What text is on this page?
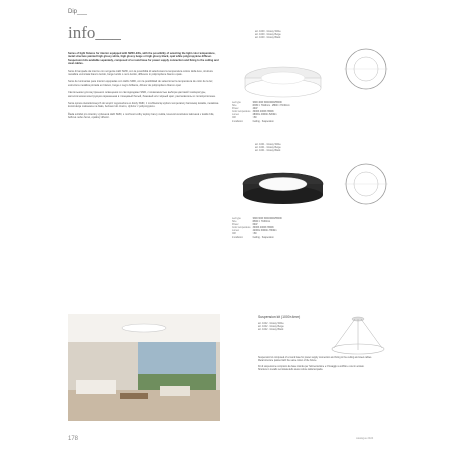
Dip___
info___
Series of light fixtures for interior equipped with SMD LEDs, with the possibility of selecting the light color temperature, metal structure painted high glossy white, high glossy beige or high glossy black, opal white polypropylene diffuser.
Suspension kits available separately, composed of a round base for power supply connection and fixing to the ceiling and steel cables.
Serie di lampade da interno con sorgente LED SMD, con la possibilità di selezionare la temperatura colore della luce, struttura metallica verniciata bianco lucido, beige lucido o nero lucido, diffusore in polipropilene bianco opale.
Serie de luminarias para interior equipadas con LEDs SMD, con la posibilidad de seleccionar la temperatura de color de la luz, estructura metálica pintada en blanco, beige o negro brillante, difusor de polipropileno blanco opal.
Светильники для внутреннего освещения со светодиодами SMD, с возможностью выбора цветовой температуры, металлическая конструкция окрашенная в глянцевый белый, бежевый или чёрный цвет, рассеиватель из полипропилена.
Seria opraw oświetleniowych do wnętrz wyposażona w diody SMD, z możliwością wyboru temperatury barwowej światła, metalowa konstrukcja malowana na biało, beżowo lub czarno, dyfuzor z polipropylenu.
Řada svítidel pro interiéry vybavená LED SMD, s možností volby teploty barvy světla, kovová konstrukce lakovaná v lesklé bílé, béžové nebo černé, opálový difuzor.
art. 1040 · Glossy White
art. 1040 · Glossy Beige
art. 1040 · Glossy Black
Led type	SMD 40W 3000/4000/6500K
Size	Ø450 × H110mm · Ø600 × H130mm
Power	40W
Color temperature 3000K 4000K 6500K
Lumen	2800lm 4000lm 5200lm
CRI	>80
Installation	Ceiling · Suspension
art. 1041 · Glossy White
art. 1041 · Glossy Beige
art. 1041 · Glossy Black
Led type	SMD 60W 3000/4000/6500K
Size	Ø600 × H130mm
Power	60W
Color temperature 3000K 4000K 6500K
Lumen	4200lm 6000lm 7800lm
CRI	>80
Installation	Ceiling · Suspension
Suspension kit (1000×4mm)
art. 1042 · Glossy White
art. 1042 · Glossy Beige
art. 1042 · Glossy Black
Suspension kit composed of a round base for power supply connection and fixing to the ceiling and steel cables.
Metal structure painted with the same colour of the fixture.
Kit di sospensione composto da base rotonda per l'alimentazione e il fissaggio a soffitto e cavi in acciaio.
Struttura in metallo verniciata dello stesso colore della lampada.
178	catalogue 2024
